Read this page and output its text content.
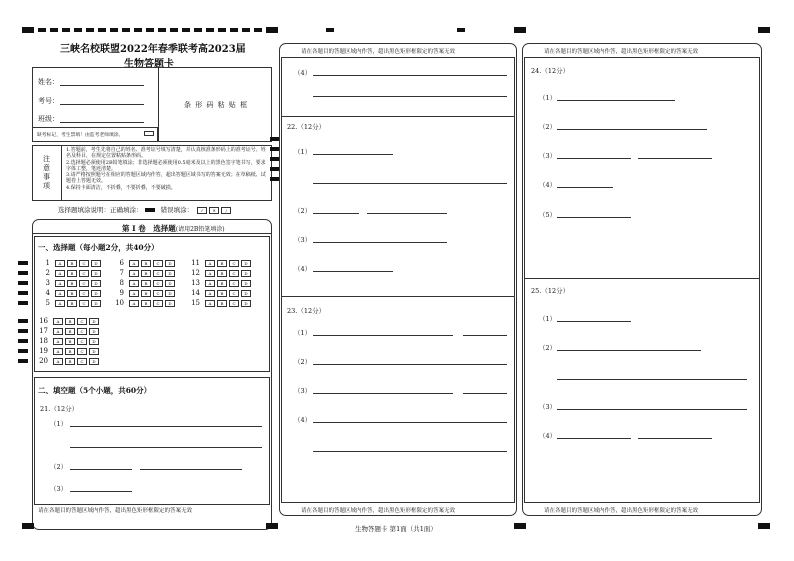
三峡名校联盟2022年春季联考高2023届
生物答题卡
条 形 码 粘 贴 框
姓名：
考号：
班级：
缺考标记，考生禁填！由监考老师填涂。
注意事项
1.答题前，考生先将自己的姓名、准考证号填写清楚，并认真核准条形码上的准考证号、姓名及科目，在规定位置粘贴条形码。
2.选择题必须使用2B铅笔填涂；非选择题必须使用0.5毫米及以上的黑色签字笔书写，要求字体工整，笔迹清楚。
3.请严格按照题号在相应的答题区域内作答，超出答题区域书写的答案无效；在草稿纸、试题卷上答题无效。
4.保持卡面清洁，不折叠，不要折叠，不要破损。
选择题填涂说明：正确填涂：	错误填涂： ✓ ✕ /
第 I 卷　选择题(请用2B铅笔填涂)
一、选择题（每小题2分，共40分）
1 A B C D
2 A B C D
3 A B C D
4 A B C D
5 A B C D
6 A B C D
7 A B C D
8 A B C D
9 A B C D
10 A B C D
11 A B C D
12 A B C D
13 A B C D
14 A B C D
15 A B C D
16 A B C D
17 A B C D
18 A B C D
19 A B C D
20 A B C D
二、填空题（5个小题，共60分）
21.（12分）
（1）
（2）
（3）
请在各题目的答题区域内作答，超出黑色矩形框限定的答案无效
请在各题目的答题区域内作答，超出黑色矩形框限定的答案无效
请在各题目的答题区域内作答，超出黑色矩形框限定的答案无效
（4）
22.（12分）
（1）
（2）
（3）
（4）
23.（12分）
（1）
（2）
（3）
（4）
请在各题目的答题区域内作答，超出黑色矩形框限定的答案无效
请在各题目的答题区域内作答，超出黑色矩形框限定的答案无效
24.（12分）
（1）
（2）
（3）
（4）
（5）
25.（12分）
（1）
（2）
（3）
（4）
生物答题卡 第1面（共1面）
